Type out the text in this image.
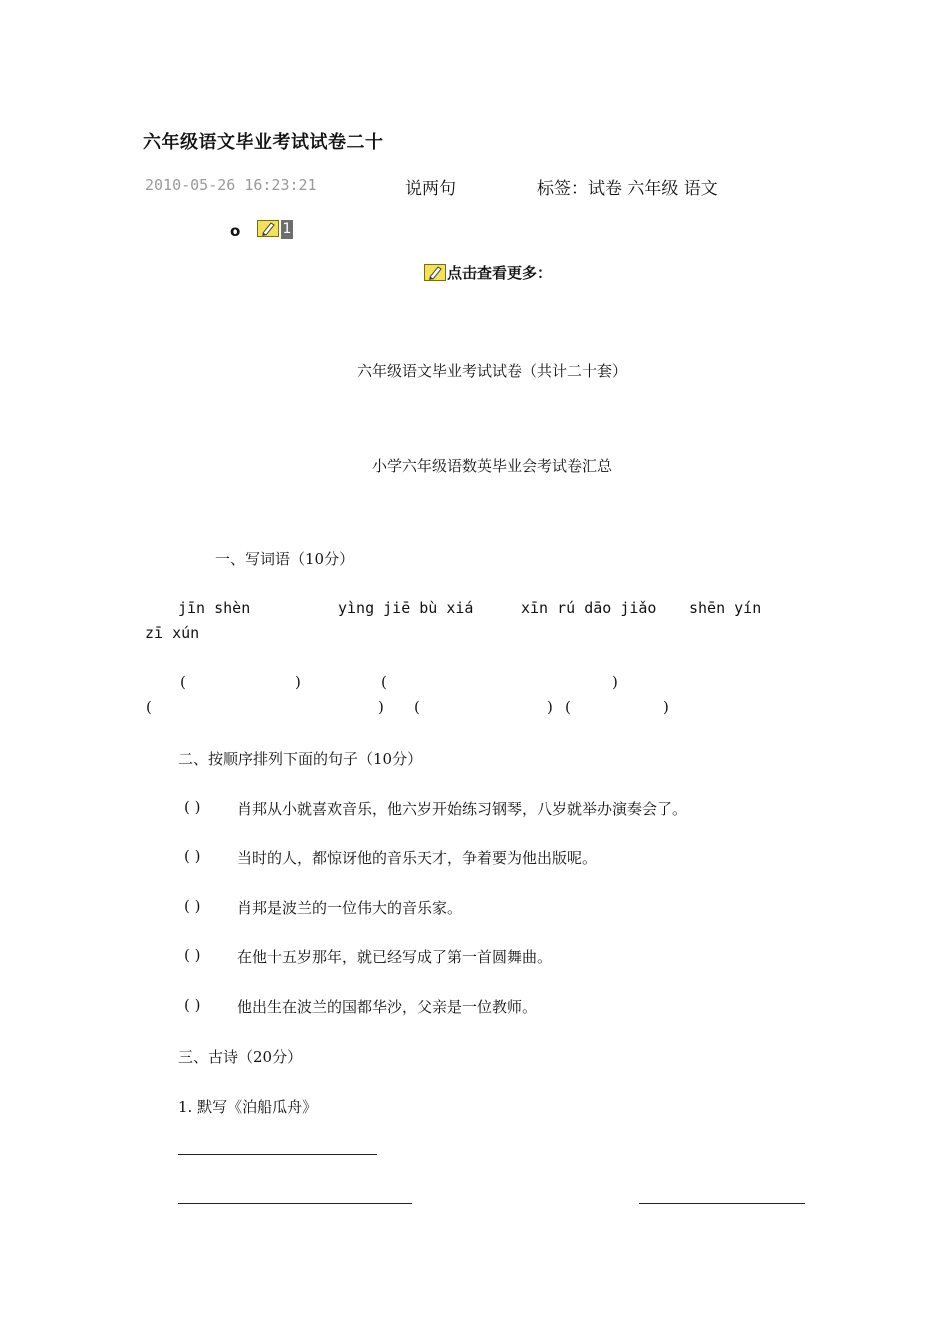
六年级语文毕业考试试卷二十
2010-05-26 16:23:21	说两句	标签：试卷 六年级 语文
o	1
点击查看更多：
六年级语文毕业考试试卷（共计二十套）
小学六年级语数英毕业会考试卷汇总
一、写词语（10分）
jīn shèn	yìng jiē bù xiá	xīn rú dāo jiǎo shēn yín
zī xún
(	)	(	)
(	) (	) (	)
二、按顺序排列下面的句子（10分）
( ) 肖邦从小就喜欢音乐，他六岁开始练习钢琴，八岁就举办演奏会了。
( ) 当时的人，都惊讶他的音乐天才，争着要为他出版呢。
( ) 肖邦是波兰的一位伟大的音乐家。
( ) 在他十五岁那年，就已经写成了第一首圆舞曲。
( ) 他出生在波兰的国都华沙，父亲是一位教师。
三、古诗（20分）
1. 默写《泊船瓜舟》
